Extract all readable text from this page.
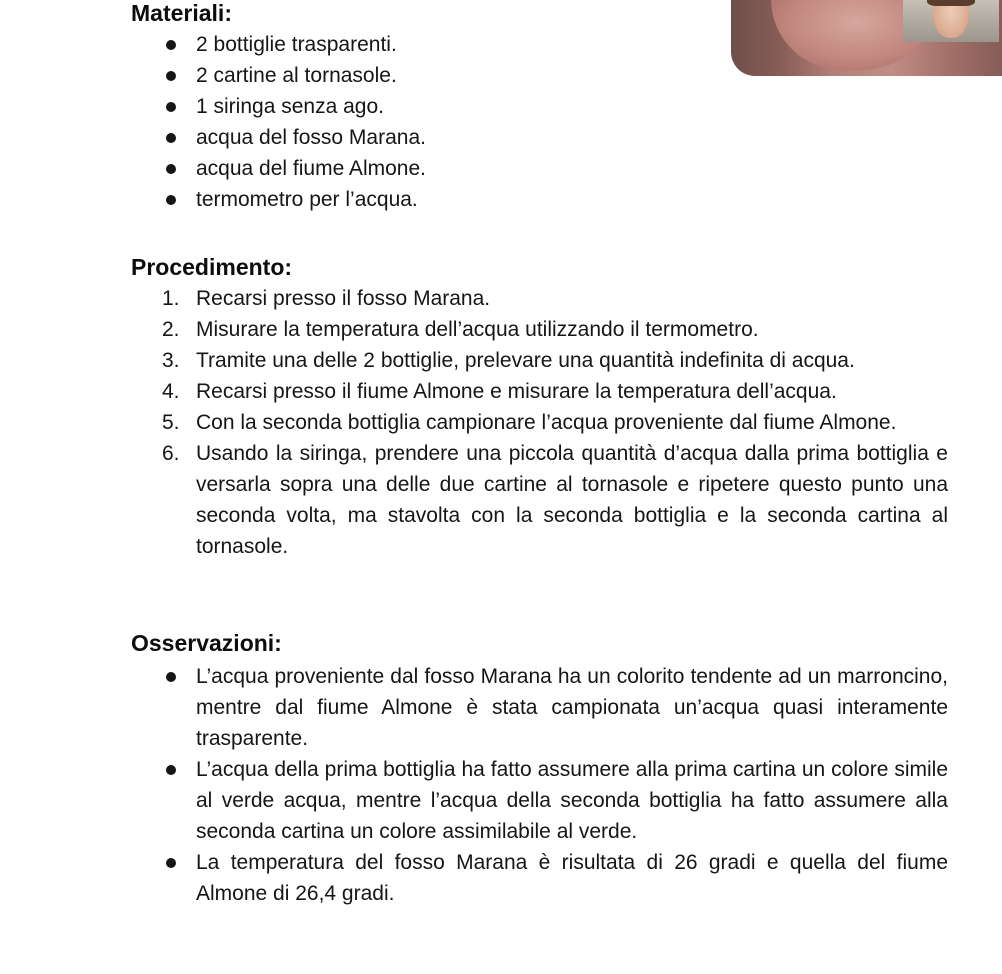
Materiali:
2 bottiglie trasparenti.
2 cartine al tornasole.
1 siringa senza ago.
acqua del fosso Marana.
acqua del fiume Almone.
termometro per l’acqua.
Procedimento:
1. Recarsi presso il fosso Marana.
2. Misurare la temperatura dell’acqua utilizzando il termometro.
3. Tramite una delle 2 bottiglie, prelevare una quantità indefinita di acqua.
4. Recarsi presso il fiume Almone e misurare la temperatura dell’acqua.
5. Con la seconda bottiglia campionare l’acqua proveniente dal fiume Almone.
6. Usando la siringa, prendere una piccola quantità d’acqua dalla prima bottiglia e versarla sopra una delle due cartine al tornasole e ripetere questo punto una seconda volta, ma stavolta con la seconda bottiglia e la seconda cartina al tornasole.
Osservazioni:
L’acqua proveniente dal fosso Marana ha un colorito tendente ad un marroncino, mentre dal fiume Almone è stata campionata un’acqua quasi interamente trasparente.
L’acqua della prima bottiglia ha fatto assumere alla prima cartina un colore simile al verde acqua, mentre l’acqua della seconda bottiglia ha fatto assumere alla seconda cartina un colore assimilabile al verde.
La temperatura del fosso Marana è risultata di 26 gradi e quella del fiume Almone di 26,4 gradi.
